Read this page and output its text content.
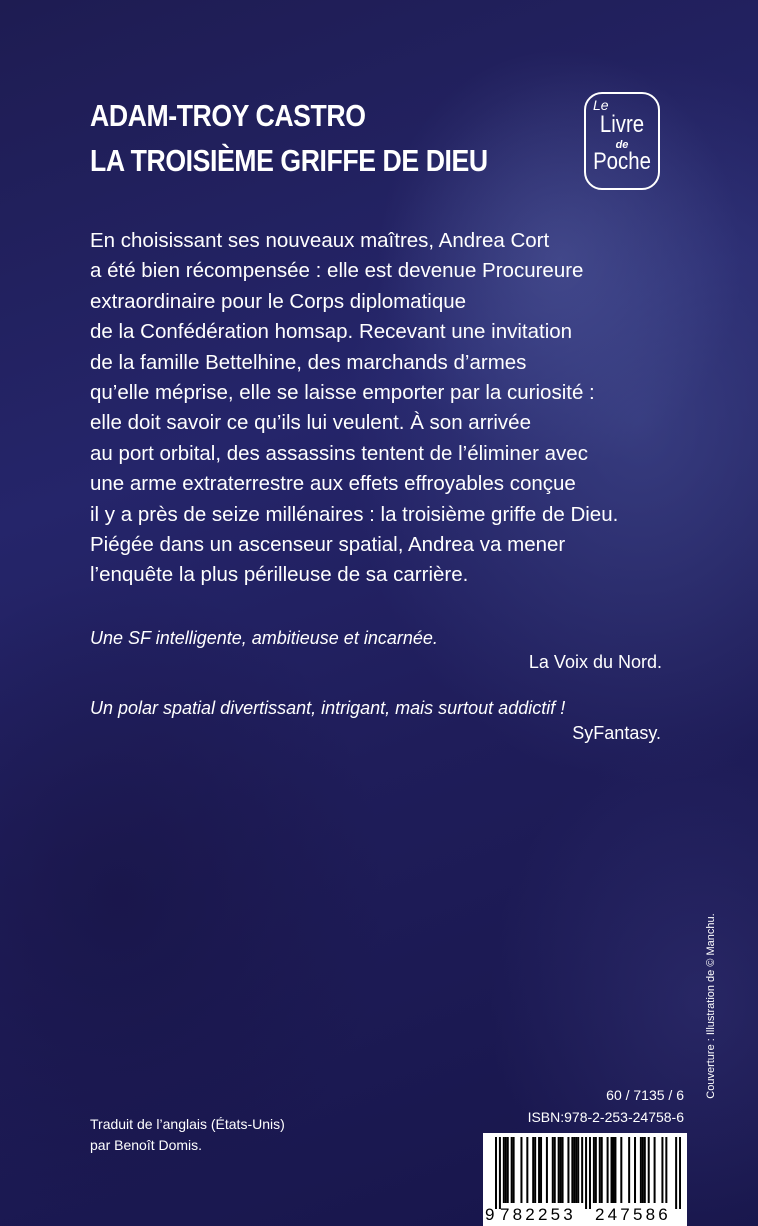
ADAM-TROY CASTRO
LA TROISIÈME GRIFFE DE DIEU
Le
Livre
de
Poche
En choisissant ses nouveaux maîtres, Andrea Cort
a été bien récompensée : elle est devenue Procureure
extraordinaire pour le Corps diplomatique
de la Confédération homsap. Recevant une invitation
de la famille Bettelhine, des marchands d’armes
qu’elle méprise, elle se laisse emporter par la curiosité :
elle doit savoir ce qu’ils lui veulent. À son arrivée
au port orbital, des assassins tentent de l’éliminer avec
une arme extraterrestre aux effets effroyables conçue
il y a près de seize millénaires : la troisième griffe de Dieu.
Piégée dans un ascenseur spatial, Andrea va mener
l’enquête la plus périlleuse de sa carrière.
Une SF intelligente, ambitieuse et incarnée.
La Voix du Nord.
Un polar spatial divertissant, intrigant, mais surtout addictif !
SyFantasy.
Couverture : Illustration de © Manchu.
Traduit de l’anglais (États-Unis)
par Benoît Domis.
60 / 7135 / 6
ISBN:978-2-253-24758-6
9 782253 247586
